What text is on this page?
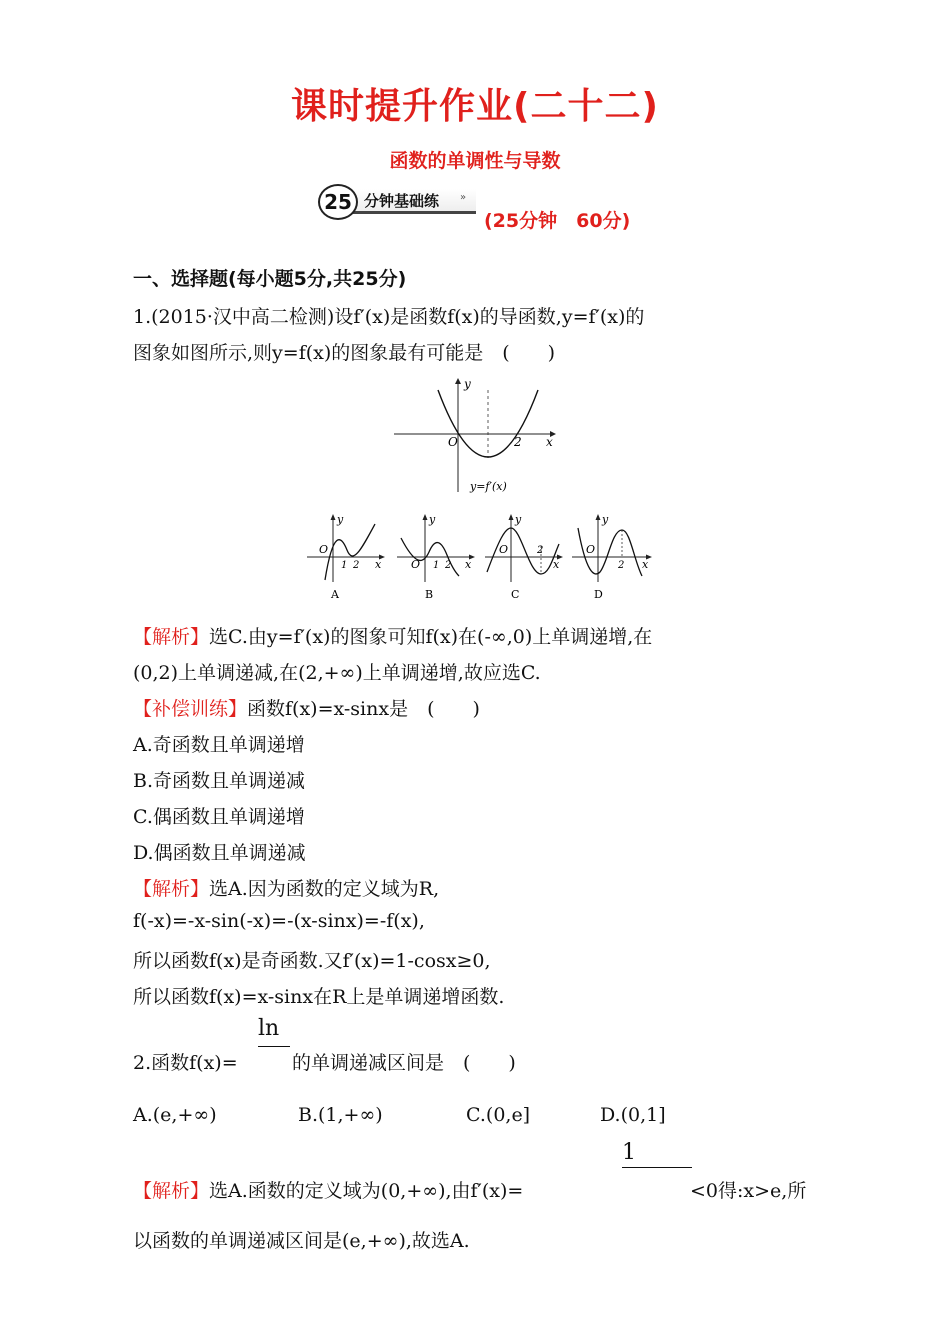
课时提升作业(二十二)
函数的单调性与导数
25 分钟基础练 »
(25分钟　60分)
一、选择题(每小题5分,共25分)
1.(2015·汉中高二检测)设f′(x)是函数f(x)的导函数,y=f′(x)的
图象如图所示,则y=f(x)的图象最有可能是　(　　)
y
x
O	2
y=f′(x)
y
x
O
1 2
A
y
x
O 1 2
B
y
x
O	2
C
y
x
O
2
D
【解析】选C.由y=f′(x)的图象可知f(x)在(-∞,0)上单调递增,在
(0,2)上单调递减,在(2,+∞)上单调递增,故应选C.
【补偿训练】函数f(x)=x-sinx是　(　　)
A.奇函数且单调递增
B.奇函数且单调递减
C.偶函数且单调递增
D.偶函数且单调递减
【解析】选A.因为函数的定义域为R,
f(-x)=-x-sin(-x)=-(x-sinx)=-f(x),
所以函数f(x)是奇函数.又f′(x)=1-cosx≥0,
所以函数f(x)=x-sinx在R上是单调递增函数.
ln
2.函数f(x)=	的单调递减区间是　(　　)
A.(e,+∞)	B.(1,+∞)	C.(0,e]	D.(0,1]
1
【解析】选A.函数的定义域为(0,+∞),由f′(x)=	<0得:x>e,所
以函数的单调递减区间是(e,+∞),故选A.
